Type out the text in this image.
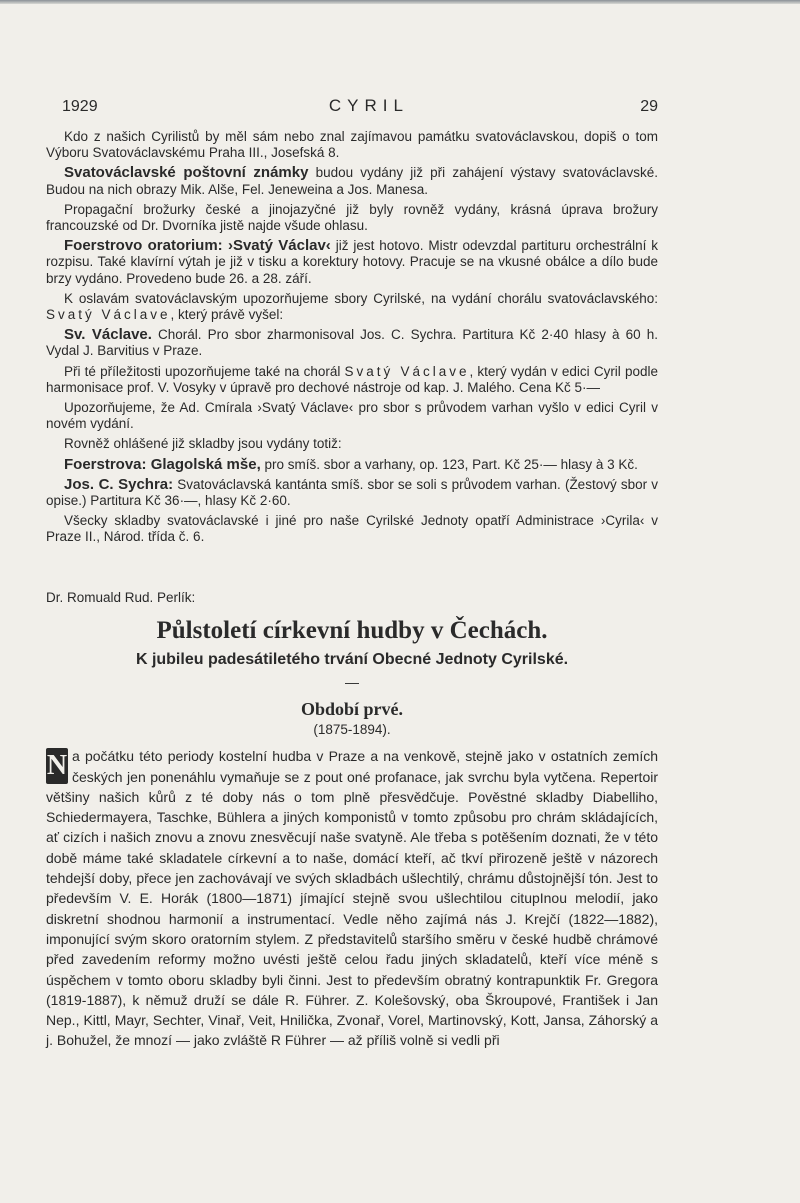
1929	CYRIL	29

Kdo z našich Cyrilistů by měl sám nebo znal zajímavou památku svatováclavskou, dopiš o tom Výboru Svatováclavskému Praha III., Josefská 8.

Svatováclavské poštovní známky budou vydány již při zahájení výstavy svatováclavské. Budou na nich obrazy Mik. Alše, Fel. Jeneweina a Jos. Manesa.

Propagační brožurky české a jinojazyčné již byly rovněž vydány, krásná úprava brožury francouzské od Dr. Dvorníka jistě najde všude ohlasu.

Foerstrovo oratorium: ›Svatý Václav‹ již jest hotovo. Mistr odevzdal partituru orchestrální k rozpisu. Také klavírní výtah je již v tisku a korektury hotovy. Pracuje se na vkusné obálce a dílo bude brzy vydáno. Provedeno bude 26. a 28. září.

K oslavám svatováclavským upozorňujeme sbory Cyrilské, na vydání chorálu svatováclavského: Svatý Václave, který právě vyšel:

Sv. Václave. Chorál. Pro sbor zharmonisoval Jos. C. Sychra. Partitura Kč 2·40 hlasy à 60 h. Vydal J. Barvitius v Praze.

Při té příležitosti upozorňujeme také na chorál Svatý Václave, který vydán v edici Cyril podle harmonisace prof. V. Vosyky v úpravě pro dechové nástroje od kap. J. Malého. Cena Kč 5·—

Upozorňujeme, že Ad. Cmírala ›Svatý Václave‹ pro sbor s průvodem varhan vyšlo v edici Cyril v novém vydání.

Rovněž ohlášené již skladby jsou vydány totiž:

Foerstrova: Glagolská mše, pro smíš. sbor a varhany, op. 123, Part. Kč 25·— hlasy à 3 Kč.

Jos. C. Sychra: Svatováclavská kantánta smíš. sbor se soli s průvodem varhan. (Žestový sbor v opise.) Partitura Kč 36·—, hlasy Kč 2·60.

Všecky skladby svatováclavské i jiné pro naše Cyrilské Jednoty opatří Administrace ›Cyrila‹ v Praze II., Národ. třída č. 6.

Dr. Romuald Rud. Perlík:

Půlstoletí církevní hudby v Čechách.
K jubileu padesátiletého trvání Obecné Jednoty Cyrilské.
—
Období prvé.
(1875-1894).

N a počátku této periody kostelní hudba v Praze a na venkově, stejně jako v ostatních zemích českých jen ponenáhlu vymaňuje se z pout oné profanace, jak svrchu byla vytčena. Repertoir většiny našich kůrů z té doby nás o tom plně přesvědčuje. Pověstné skladby Diabelliho, Schiedermayera, Taschke, Bühlera a jiných komponistů v tomto způsobu pro chrám skládajících, ať cizích i našich znovu a znovu znesvěcují naše svatyně. Ale třeba s potěšením doznati, že v této době máme také skladatele církevní a to naše, domácí kteří, ač tkví přirozeně ještě v názorech tehdejší doby, přece jen zachovávají ve svých skladbách ušlechtilý, chrámu důstojnější tón. Jest to především V. E. Horák (1800—1871) jímající stejně svou ušlechtilou citupInou melodií, jako diskretní shodnou harmonií a instrumentací. Vedle něho zajímá nás J. Krejčí (1822—1882), imponující svým skoro oratorním stylem. Z představitelů staršího směru v české hudbě chrámové před zavedením reformy možno uvésti ještě celou řadu jiných skladatelů, kteří více méně s úspěchem v tomto oboru skladby byli činni. Jest to především obratný kontrapunktik Fr. Gregora (1819-1887), k němuž druží se dále R. Führer. Z. Kolešovský, oba Škroupové, František i Jan Nep., Kittl, Mayr, Sechter, Vinař, Veit, Hnilička, Zvonař, Vorel, Martinovský, Kott, Jansa, Záhorský a j. Bohužel, že mnozí — jako zvláště R Führer — až příliš volně si vedli při
